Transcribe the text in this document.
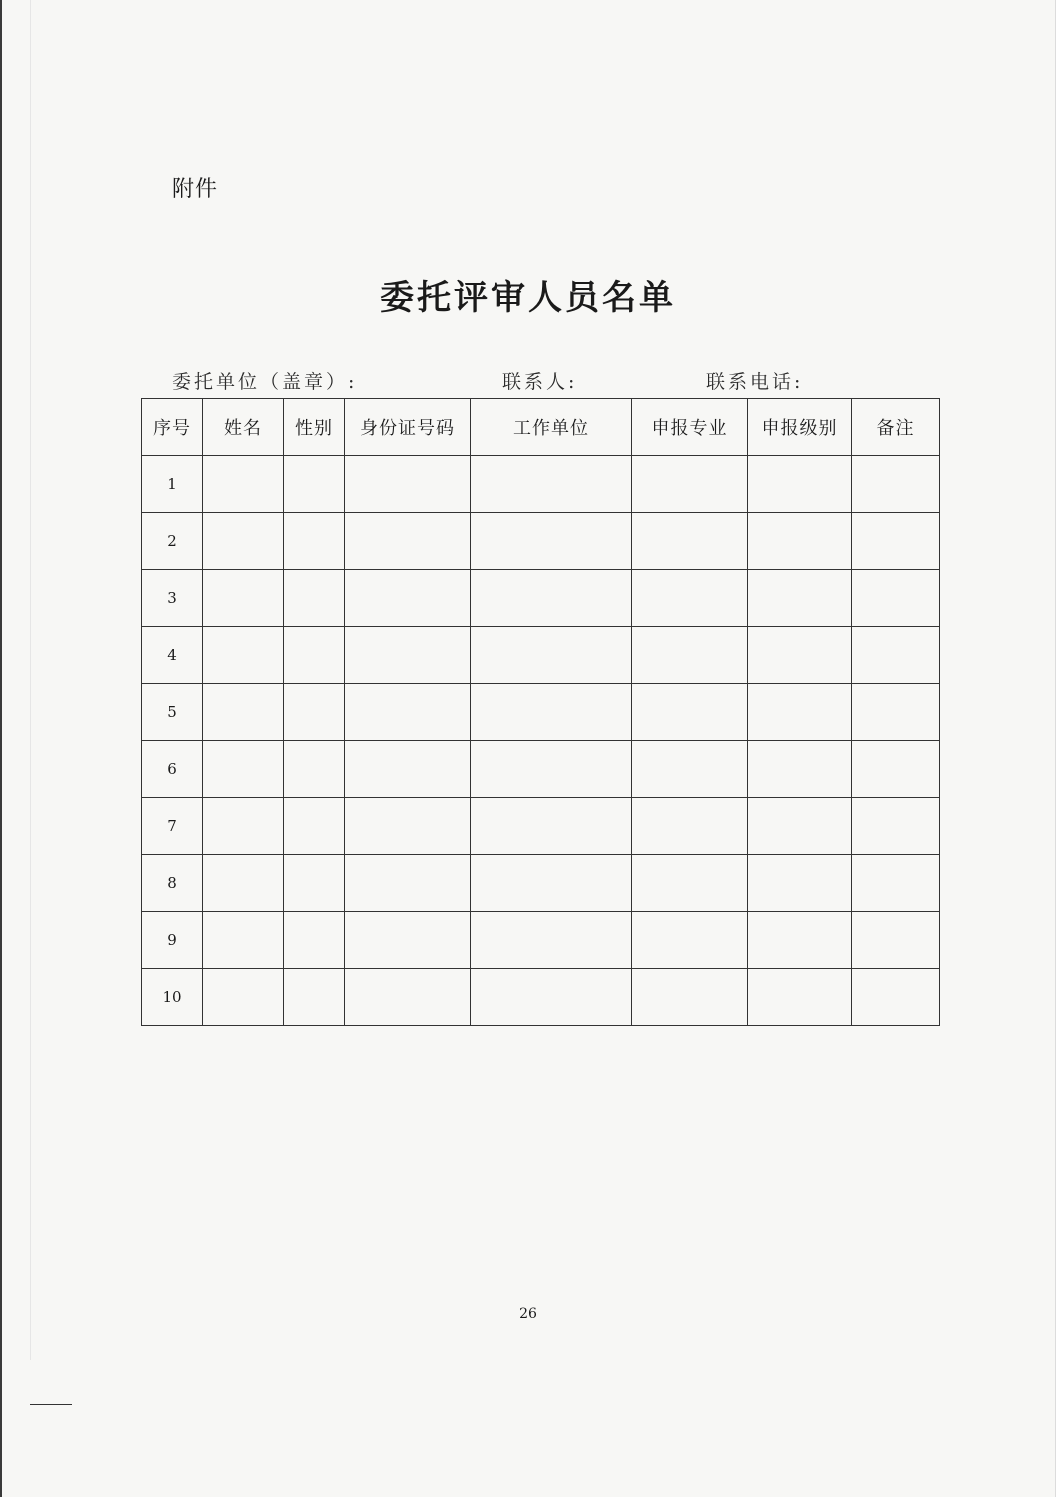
附件
委托评审人员名单
委托单位（盖章）:	联系人:	联系电话:
序号	姓名	性别	身份证号码	工作单位	申报专业	申报级别	备注
1							
2							
3							
4							
5							
6							
7							
8							
9							
10							
26
